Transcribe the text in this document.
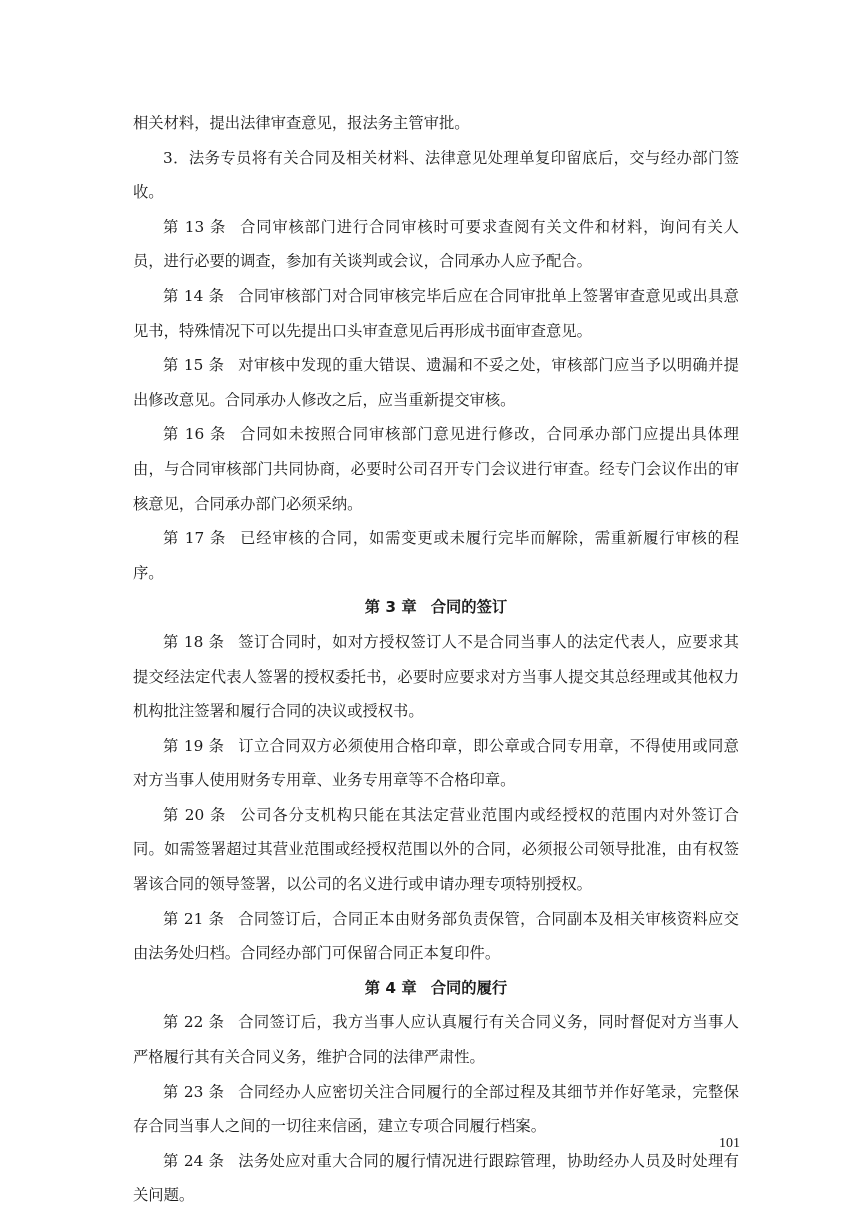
相关材料，提出法律审查意见，报法务主管审批。

3．法务专员将有关合同及相关材料、法律意见处理单复印留底后，交与经办部门签收。

第 13 条 合同审核部门进行合同审核时可要求查阅有关文件和材料，询问有关人员，进行必要的调查，参加有关谈判或会议，合同承办人应予配合。

第 14 条 合同审核部门对合同审核完毕后应在合同审批单上签署审查意见或出具意见书，特殊情况下可以先提出口头审查意见后再形成书面审查意见。

第 15 条 对审核中发现的重大错误、遗漏和不妥之处，审核部门应当予以明确并提出修改意见。合同承办人修改之后，应当重新提交审核。

第 16 条 合同如未按照合同审核部门意见进行修改，合同承办部门应提出具体理由，与合同审核部门共同协商，必要时公司召开专门会议进行审查。经专门会议作出的审核意见，合同承办部门必须采纳。

第 17 条 已经审核的合同，如需变更或未履行完毕而解除，需重新履行审核的程序。

第 3 章 合同的签订

第 18 条 签订合同时，如对方授权签订人不是合同当事人的法定代表人，应要求其提交经法定代表人签署的授权委托书，必要时应要求对方当事人提交其总经理或其他权力机构批注签署和履行合同的决议或授权书。

第 19 条 订立合同双方必须使用合格印章，即公章或合同专用章，不得使用或同意对方当事人使用财务专用章、业务专用章等不合格印章。

第 20 条 公司各分支机构只能在其法定营业范围内或经授权的范围内对外签订合同。如需签署超过其营业范围或经授权范围以外的合同，必须报公司领导批准，由有权签署该合同的领导签署，以公司的名义进行或申请办理专项特别授权。

第 21 条 合同签订后，合同正本由财务部负责保管，合同副本及相关审核资料应交由法务处归档。合同经办部门可保留合同正本复印件。

第 4 章 合同的履行

第 22 条 合同签订后，我方当事人应认真履行有关合同义务，同时督促对方当事人严格履行其有关合同义务，维护合同的法律严肃性。

第 23 条 合同经办人应密切关注合同履行的全部过程及其细节并作好笔录，完整保存合同当事人之间的一切往来信函，建立专项合同履行档案。

第 24 条 法务处应对重大合同的履行情况进行跟踪管理，协助经办人员及时处理有关问题。

101
